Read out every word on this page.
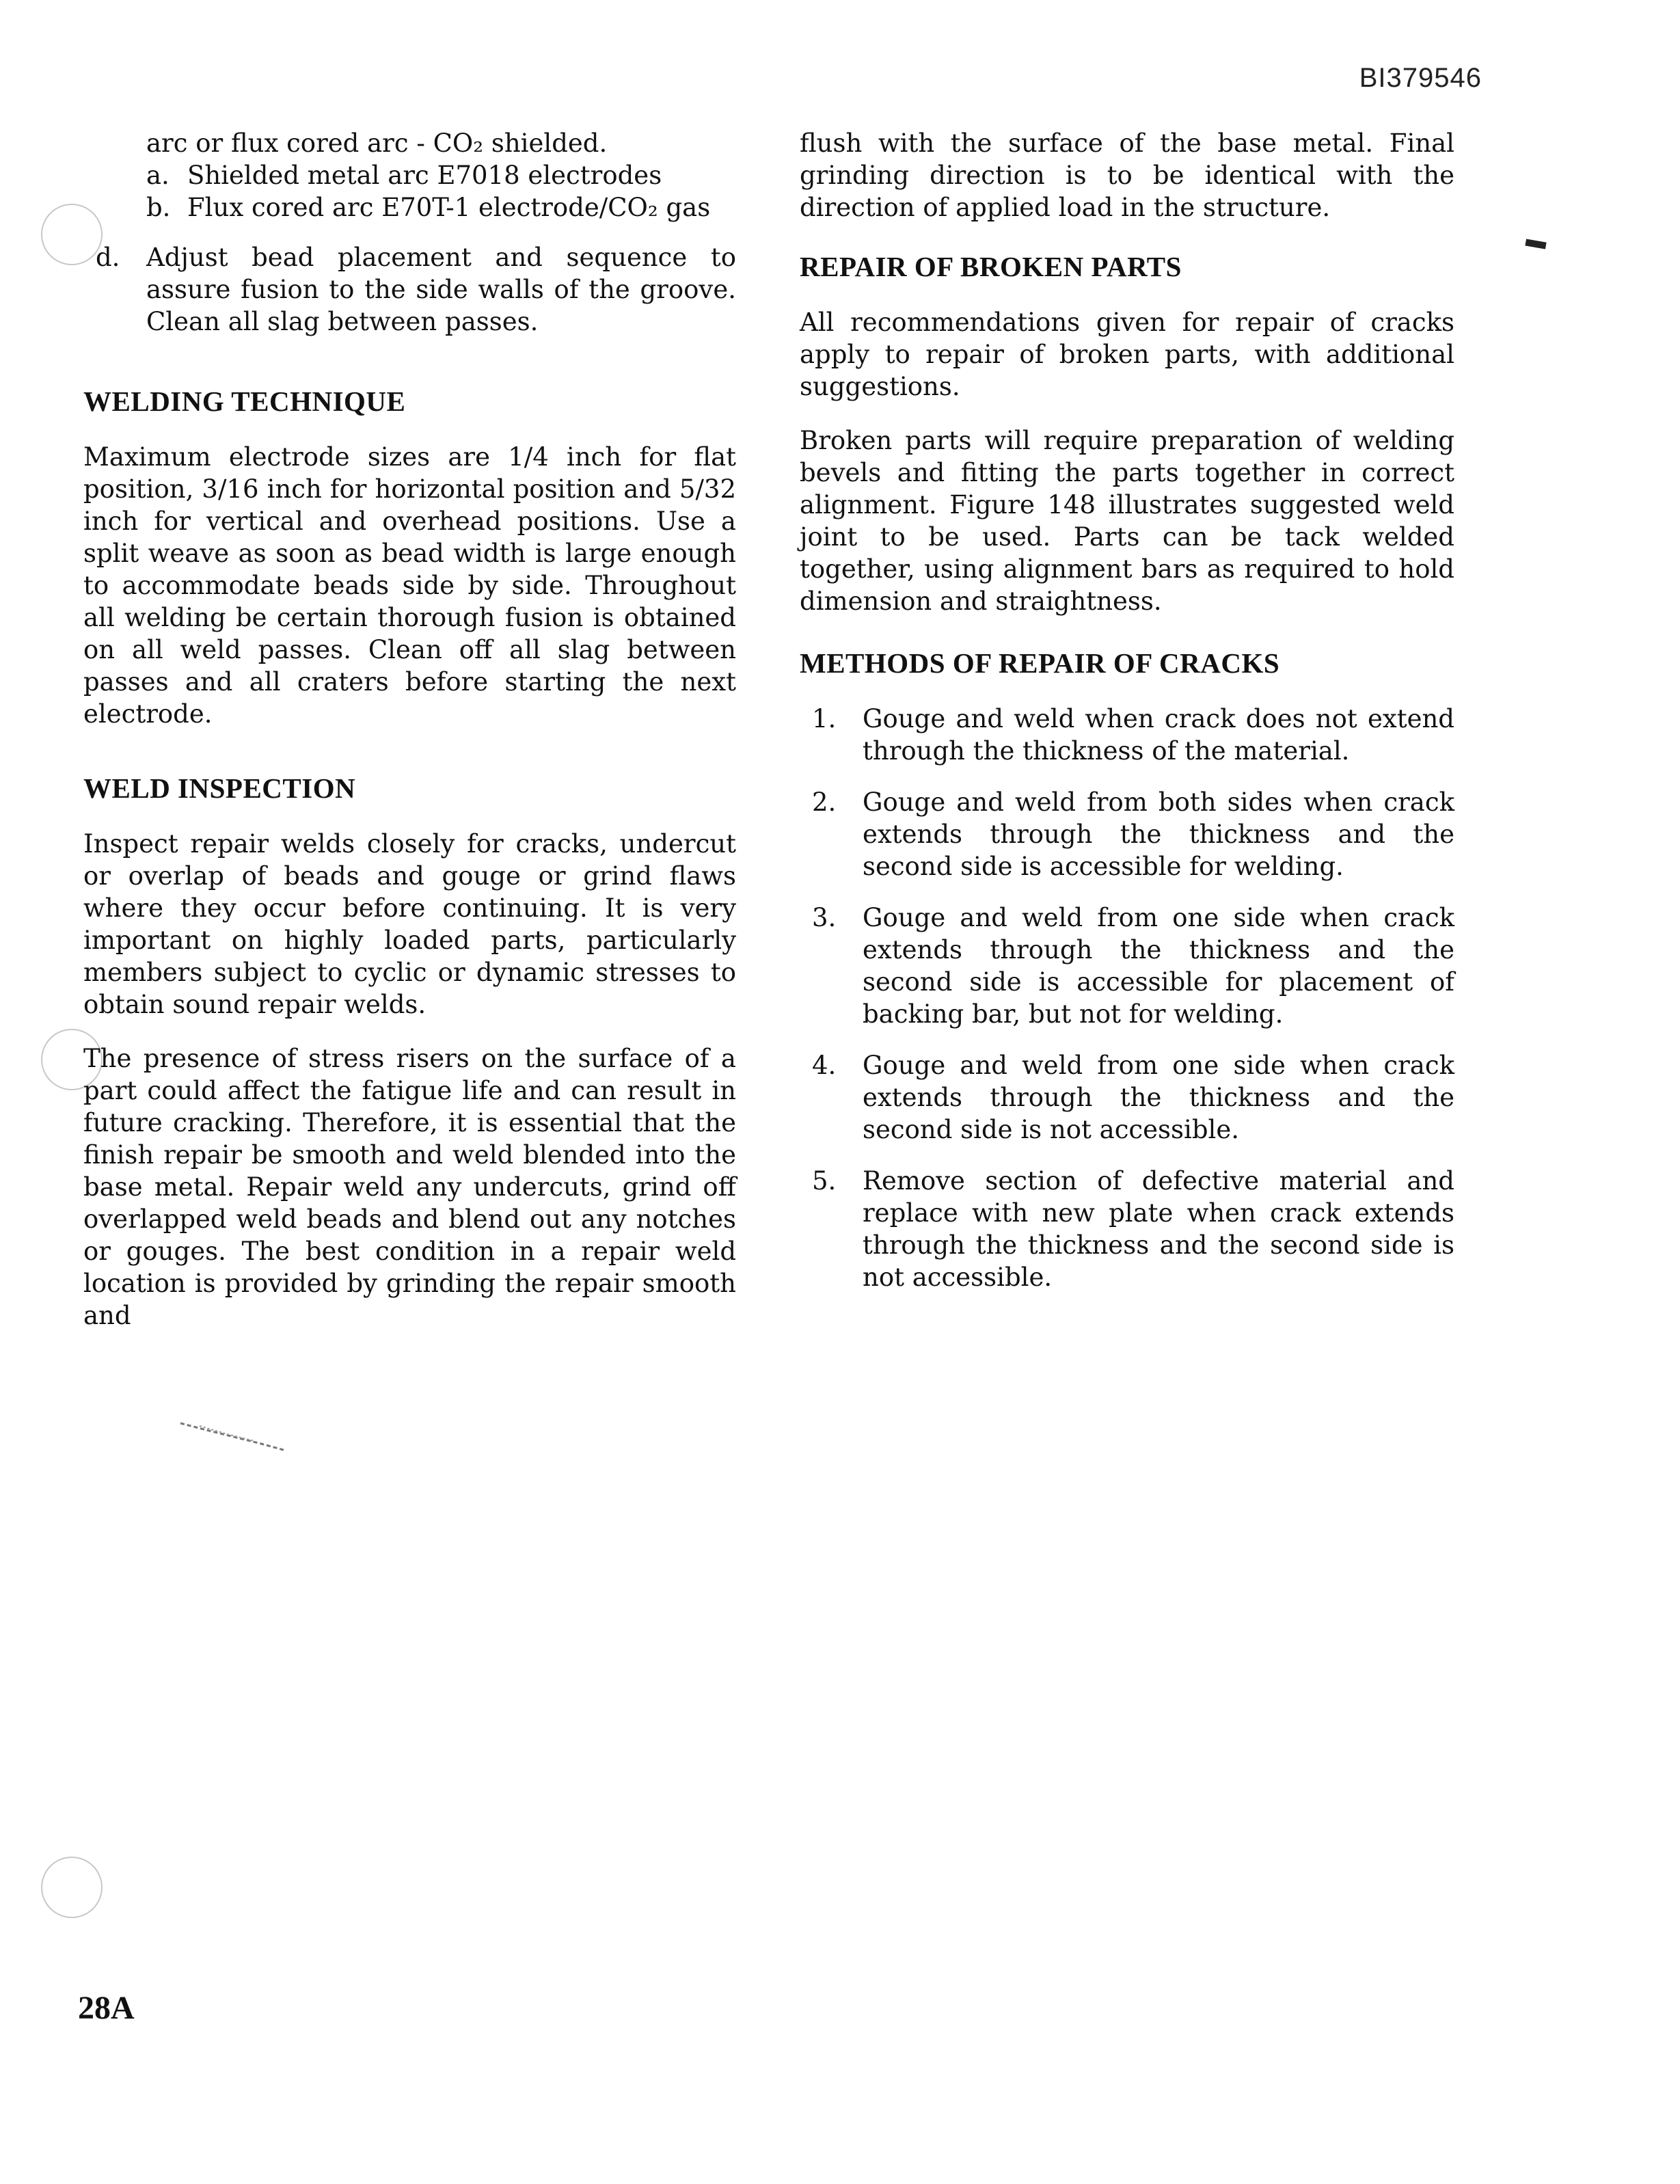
BI379546
arc or flux cored arc - CO₂ shielded.
a. Shielded metal arc E7018 electrodes
b. Flux cored arc E70T-1 electrode/CO₂ gas
d.	Adjust bead placement and sequence to assure fusion to the side walls of the groove. Clean all slag between passes.
WELDING TECHNIQUE

Maximum electrode sizes are 1/4 inch for flat position, 3/16 inch for horizontal position and 5/32 inch for vertical and overhead positions. Use a split weave as soon as bead width is large enough to accommodate beads side by side. Throughout all welding be certain thorough fusion is obtained on all weld passes. Clean off all slag between passes and all craters before starting the next electrode.

WELD INSPECTION

Inspect repair welds closely for cracks, undercut or overlap of beads and gouge or grind flaws where they occur before continuing. It is very important on highly loaded parts, particularly members subject to cyclic or dynamic stresses to obtain sound repair welds.

The presence of stress risers on the surface of a part could affect the fatigue life and can result in future cracking. Therefore, it is essential that the finish repair be smooth and weld blended into the base metal. Repair weld any undercuts, grind off overlapped weld beads and blend out any notches or gouges. The best condition in a repair weld location is provided by grinding the repair smooth and

flush with the surface of the base metal. Final grinding direction is to be identical with the direction of applied load in the structure.

REPAIR OF BROKEN PARTS

All recommendations given for repair of cracks apply to repair of broken parts, with additional suggestions.

Broken parts will require preparation of welding bevels and fitting the parts together in correct alignment. Figure 148 illustrates suggested weld joint to be used. Parts can be tack welded together, using alignment bars as required to hold dimension and straightness.

METHODS OF REPAIR OF CRACKS
1.	Gouge and weld when crack does not extend through the thickness of the material.
2.	Gouge and weld from both sides when crack extends through the thickness and the second side is accessible for welding.
3.	Gouge and weld from one side when crack extends through the thickness and the second side is accessible for placement of backing bar, but not for welding.
4.	Gouge and weld from one side when crack extends through the thickness and the second side is not accessible.
5.	Remove section of defective material and replace with new plate when crack extends through the thickness and the second side is not accessible.
28A
